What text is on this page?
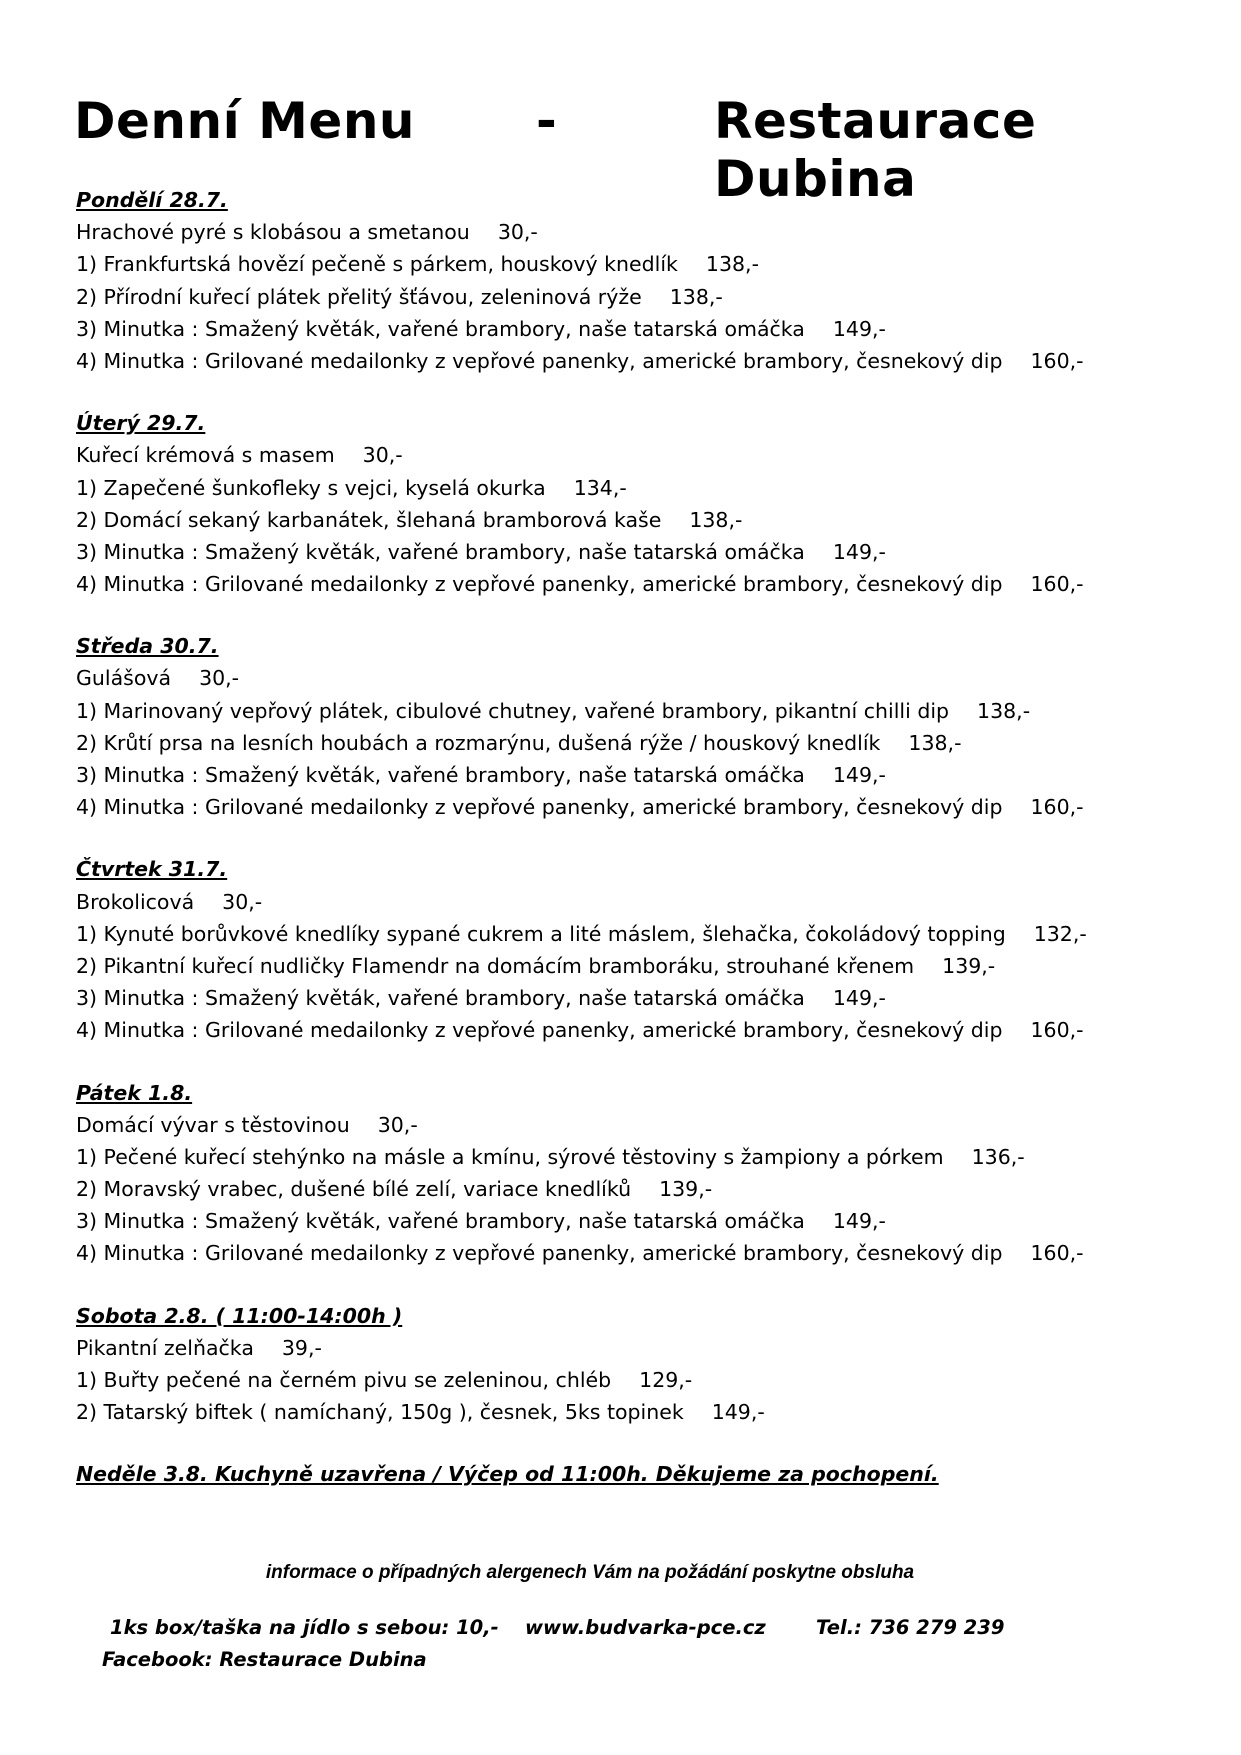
Denní Menu -	Restaurace Dubina
Pondělí 28.7.
Hrachové pyré s klobásou a smetanou 30,-
1) Frankfurtská hovězí pečeně s párkem, houskový knedlík 138,-
2) Přírodní kuřecí plátek přelitý šťávou, zeleninová rýže 138,-
3) Minutka : Smažený květák, vařené brambory, naše tatarská omáčka 149,-
4) Minutka : Grilované medailonky z vepřové panenky, americké brambory, česnekový dip 160,-
Úterý 29.7.
Kuřecí krémová s masem 30,-
1) Zapečené šunkofleky s vejci, kyselá okurka 134,-
2) Domácí sekaný karbanátek, šlehaná bramborová kaše 138,-
3) Minutka : Smažený květák, vařené brambory, naše tatarská omáčka 149,-
4) Minutka : Grilované medailonky z vepřové panenky, americké brambory, česnekový dip 160,-
Středa 30.7.
Gulášová 30,-
1) Marinovaný vepřový plátek, cibulové chutney, vařené brambory, pikantní chilli dip 138,-
2) Krůtí prsa na lesních houbách a rozmarýnu, dušená rýže / houskový knedlík 138,-
3) Minutka : Smažený květák, vařené brambory, naše tatarská omáčka 149,-
4) Minutka : Grilované medailonky z vepřové panenky, americké brambory, česnekový dip 160,-
Čtvrtek 31.7.
Brokolicová 30,-
1) Kynuté borůvkové knedlíky sypané cukrem a lité máslem, šlehačka, čokoládový topping 132,-
2) Pikantní kuřecí nudličky Flamendr na domácím bramboráku, strouhané křenem 139,-
3) Minutka : Smažený květák, vařené brambory, naše tatarská omáčka 149,-
4) Minutka : Grilované medailonky z vepřové panenky, americké brambory, česnekový dip 160,-
Pátek 1.8.
Domácí vývar s těstovinou 30,-
1) Pečené kuřecí stehýnko na másle a kmínu, sýrové těstoviny s žampiony a pórkem 136,-
2) Moravský vrabec, dušené bílé zelí, variace knedlíků 139,-
3) Minutka : Smažený květák, vařené brambory, naše tatarská omáčka 149,-
4) Minutka : Grilované medailonky z vepřové panenky, americké brambory, česnekový dip 160,-
Sobota 2.8. ( 11:00-14:00h )
Pikantní zelňačka 39,-
1) Buřty pečené na černém pivu se zeleninou, chléb 129,-
2) Tatarský biftek ( namíchaný, 150g ), česnek, 5ks topinek 149,-
Neděle 3.8. Kuchyně uzavřena / Výčep od 11:00h. Děkujeme za pochopení.
informace o případných alergenech Vám na požádání poskytne obsluha
1ks box/taška na jídlo s sebou: 10,- www.budvarka-pce.cz	Tel.: 736 279 239
Facebook: Restaurace Dubina
